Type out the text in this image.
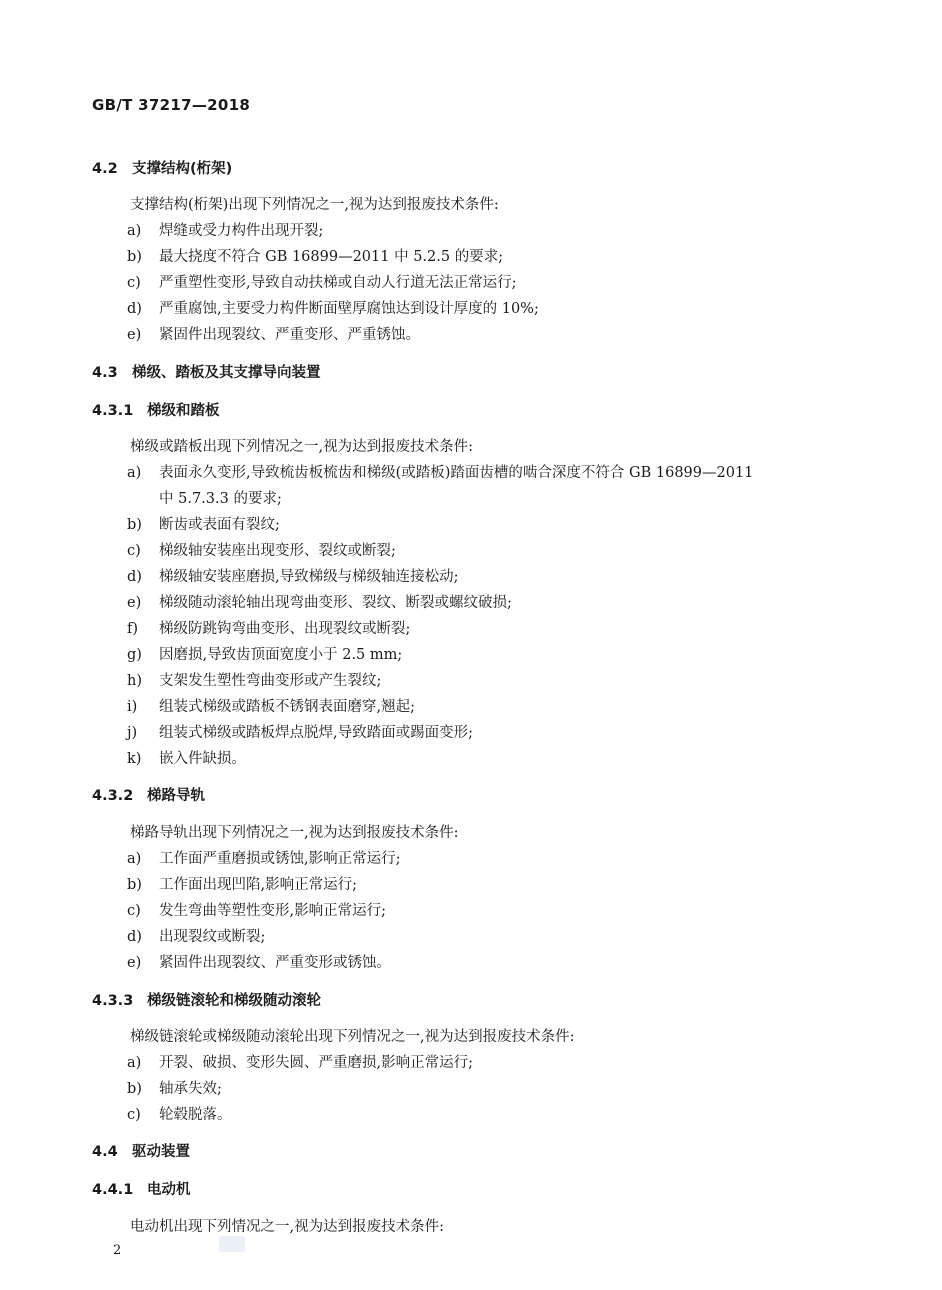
GB/T 37217—2018
4.2 支撑结构(桁架)
支撑结构(桁架)出现下列情况之一,视为达到报废技术条件:
a) 焊缝或受力构件出现开裂;
b) 最大挠度不符合 GB 16899—2011 中 5.2.5 的要求;
c) 严重塑性变形,导致自动扶梯或自动人行道无法正常运行;
d) 严重腐蚀,主要受力构件断面壁厚腐蚀达到设计厚度的 10%;
e) 紧固件出现裂纹、严重变形、严重锈蚀。
4.3 梯级、踏板及其支撑导向装置
4.3.1 梯级和踏板
梯级或踏板出现下列情况之一,视为达到报废技术条件:
a) 表面永久变形,导致梳齿板梳齿和梯级(或踏板)踏面齿槽的啮合深度不符合 GB 16899—2011
中 5.7.3.3 的要求;
b) 断齿或表面有裂纹;
c) 梯级轴安装座出现变形、裂纹或断裂;
d) 梯级轴安装座磨损,导致梯级与梯级轴连接松动;
e) 梯级随动滚轮轴出现弯曲变形、裂纹、断裂或螺纹破损;
f) 梯级防跳钩弯曲变形、出现裂纹或断裂;
g) 因磨损,导致齿顶面宽度小于 2.5 mm;
h) 支架发生塑性弯曲变形或产生裂纹;
i) 组装式梯级或踏板不锈钢表面磨穿,翘起;
j) 组装式梯级或踏板焊点脱焊,导致踏面或踢面变形;
k) 嵌入件缺损。
4.3.2 梯路导轨
梯路导轨出现下列情况之一,视为达到报废技术条件:
a) 工作面严重磨损或锈蚀,影响正常运行;
b) 工作面出现凹陷,影响正常运行;
c) 发生弯曲等塑性变形,影响正常运行;
d) 出现裂纹或断裂;
e) 紧固件出现裂纹、严重变形或锈蚀。
4.3.3 梯级链滚轮和梯级随动滚轮
梯级链滚轮或梯级随动滚轮出现下列情况之一,视为达到报废技术条件:
a) 开裂、破损、变形失圆、严重磨损,影响正常运行;
b) 轴承失效;
c) 轮毂脱落。
4.4 驱动装置
4.4.1 电动机
电动机出现下列情况之一,视为达到报废技术条件:
2
